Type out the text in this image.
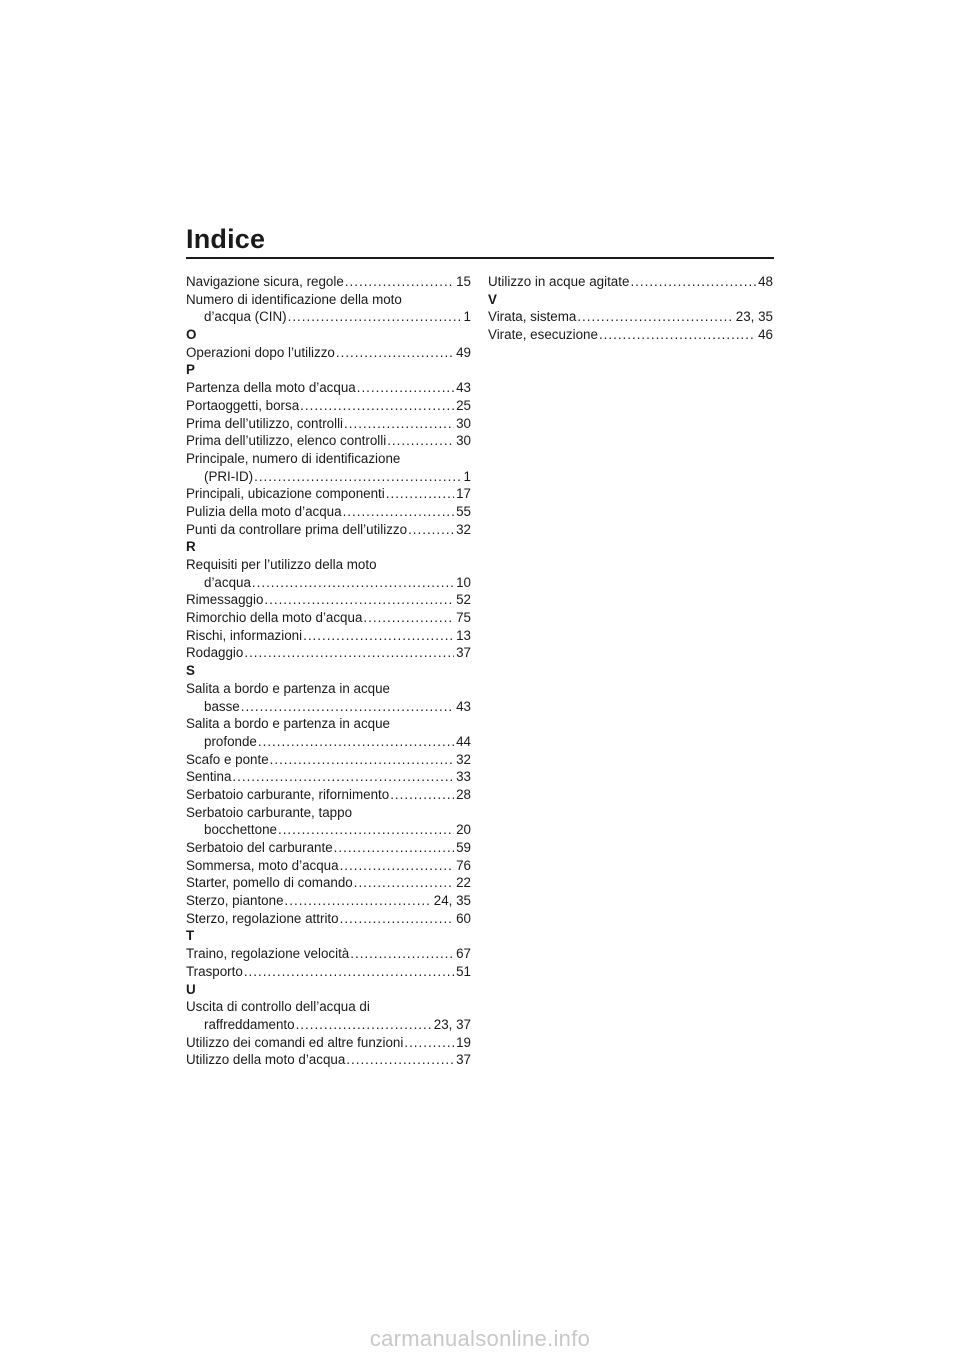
Indice
Navigazione sicura, regole .....	15
Numero di identificazione della moto
d’acqua (CIN) .....	1
O
Operazioni dopo l’utilizzo .....	49
P
Partenza della moto d’acqua .....	43
Portaoggetti, borsa .....	25
Prima dell’utilizzo, controlli .....	30
Prima dell’utilizzo, elenco controlli .....	30
Principale, numero di identificazione
(PRI-ID) .....	1
Principali, ubicazione componenti .....	17
Pulizia della moto d’acqua .....	55
Punti da controllare prima dell’utilizzo .....	32
R
Requisiti per l’utilizzo della moto
d’acqua .....	10
Rimessaggio .....	52
Rimorchio della moto d’acqua .....	75
Rischi, informazioni .....	13
Rodaggio .....	37
S
Salita a bordo e partenza in acque
basse .....	43
Salita a bordo e partenza in acque
profonde .....	44
Scafo e ponte .....	32
Sentina .....	33
Serbatoio carburante, rifornimento .....	28
Serbatoio carburante, tappo
bocchettone .....	20
Serbatoio del carburante .....	59
Sommersa, moto d’acqua .....	76
Starter, pomello di comando .....	22
Sterzo, piantone .....	24, 35
Sterzo, regolazione attrito .....	60
T
Traino, regolazione velocità .....	67
Trasporto .....	51
U
Uscita di controllo dell’acqua di
raffreddamento .....	23, 37
Utilizzo dei comandi ed altre funzioni .....	19
Utilizzo della moto d’acqua .....	37
Utilizzo in acque agitate .....	48
V
Virata, sistema .....	23, 35
Virate, esecuzione .....	46
carmanualsonline.info
